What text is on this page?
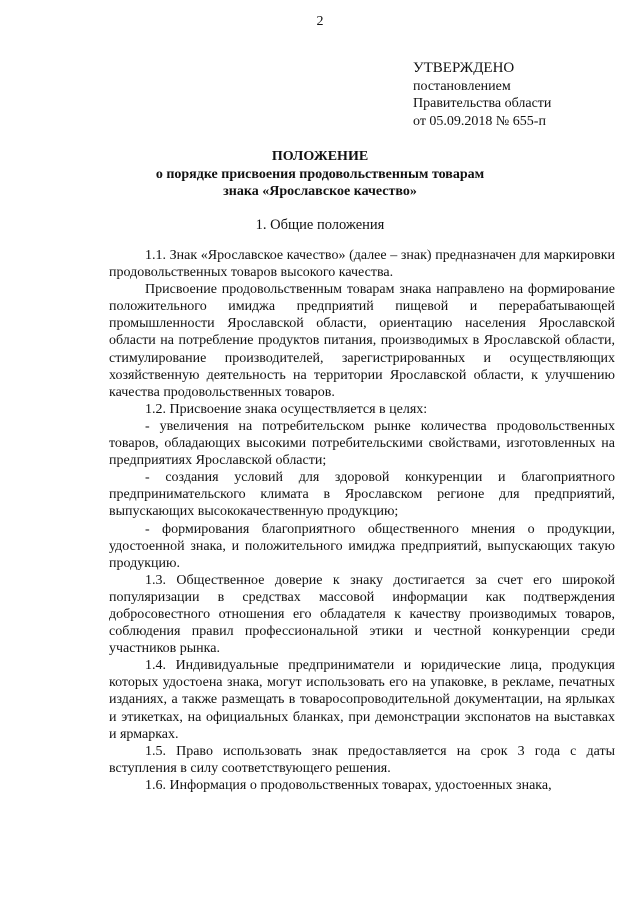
2
УТВЕРЖДЕНО
постановлением
Правительства области
от 05.09.2018 № 655-п
ПОЛОЖЕНИЕ
о порядке присвоения продовольственным товарам
знака «Ярославское качество»
1. Общие положения

1.1. Знак «Ярославское качество» (далее – знак) предназначен для маркировки продовольственных товаров высокого качества.

Присвоение продовольственным товарам знака направлено на формирование положительного имиджа предприятий пищевой и перерабатывающей промышленности Ярославской области, ориентацию населения Ярославской области на потребление продуктов питания, производимых в Ярославской области, стимулирование производителей, зарегистрированных и осуществляющих хозяйственную деятельность на территории Ярославской области, к улучшению качества продовольственных товаров.

1.2. Присвоение знака осуществляется в целях:

- увеличения на потребительском рынке количества продовольственных товаров, обладающих высокими потребительскими свойствами, изготовленных на предприятиях Ярославской области;

- создания условий для здоровой конкуренции и благоприятного предпринимательского климата в Ярославском регионе для предприятий, выпускающих высококачественную продукцию;

- формирования благоприятного общественного мнения о продукции, удостоенной знака, и положительного имиджа предприятий, выпускающих такую продукцию.

1.3. Общественное доверие к знаку достигается за счет его широкой популяризации в средствах массовой информации как подтверждения добросовестного отношения его обладателя к качеству производимых товаров, соблюдения правил профессиональной этики и честной конкуренции среди участников рынка.

1.4. Индивидуальные предприниматели и юридические лица, продукция которых удостоена знака, могут использовать его на упаковке, в рекламе, печатных изданиях, а также размещать в товаросопроводительной документации, на ярлыках и этикетках, на официальных бланках, при демонстрации экспонатов на выставках и ярмарках.

1.5. Право использовать знак предоставляется на срок 3 года с даты вступления в силу соответствующего решения.

1.6. Информация о продовольственных товарах, удостоенных знака,
